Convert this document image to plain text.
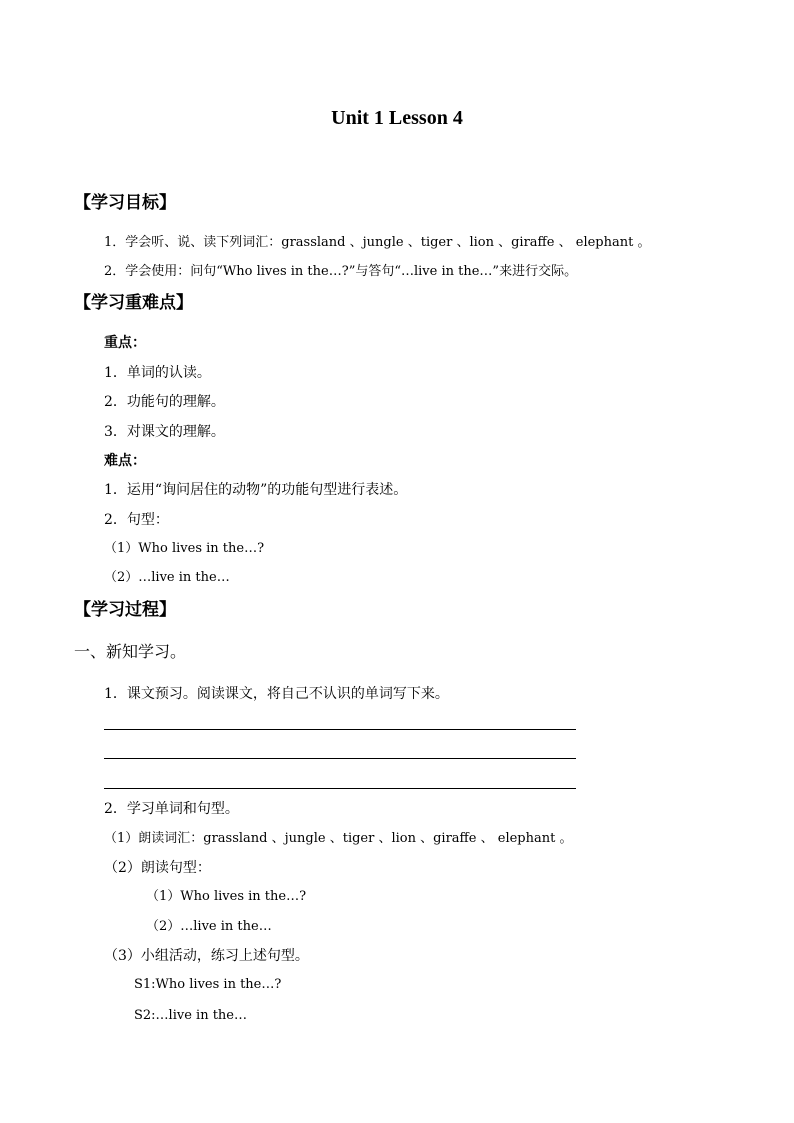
Unit 1 Lesson 4
【学习目标】
1．学会听、说、读下列词汇：grassland 、jungle 、tiger 、lion 、giraffe 、 elephant 。
2．学会使用：问句“Who lives in the…?”与答句“…live in the…”来进行交际。
【学习重难点】
重点：
1．单词的认读。
2．功能句的理解。
3．对课文的理解。
难点：
1．运用“询问居住的动物”的功能句型进行表述。
2．句型：
（1）Who lives in the…?
（2）…live in the…
【学习过程】
一、新知学习。
1．课文预习。阅读课文，将自己不认识的单词写下来。
2．学习单词和句型。
（1）朗读词汇：grassland 、jungle 、tiger 、lion 、giraffe 、 elephant 。
（2）朗读句型：
（1）Who lives in the…?
（2）…live in the…
（3）小组活动，练习上述句型。
S1:Who lives in the…?
S2:…live in the…
